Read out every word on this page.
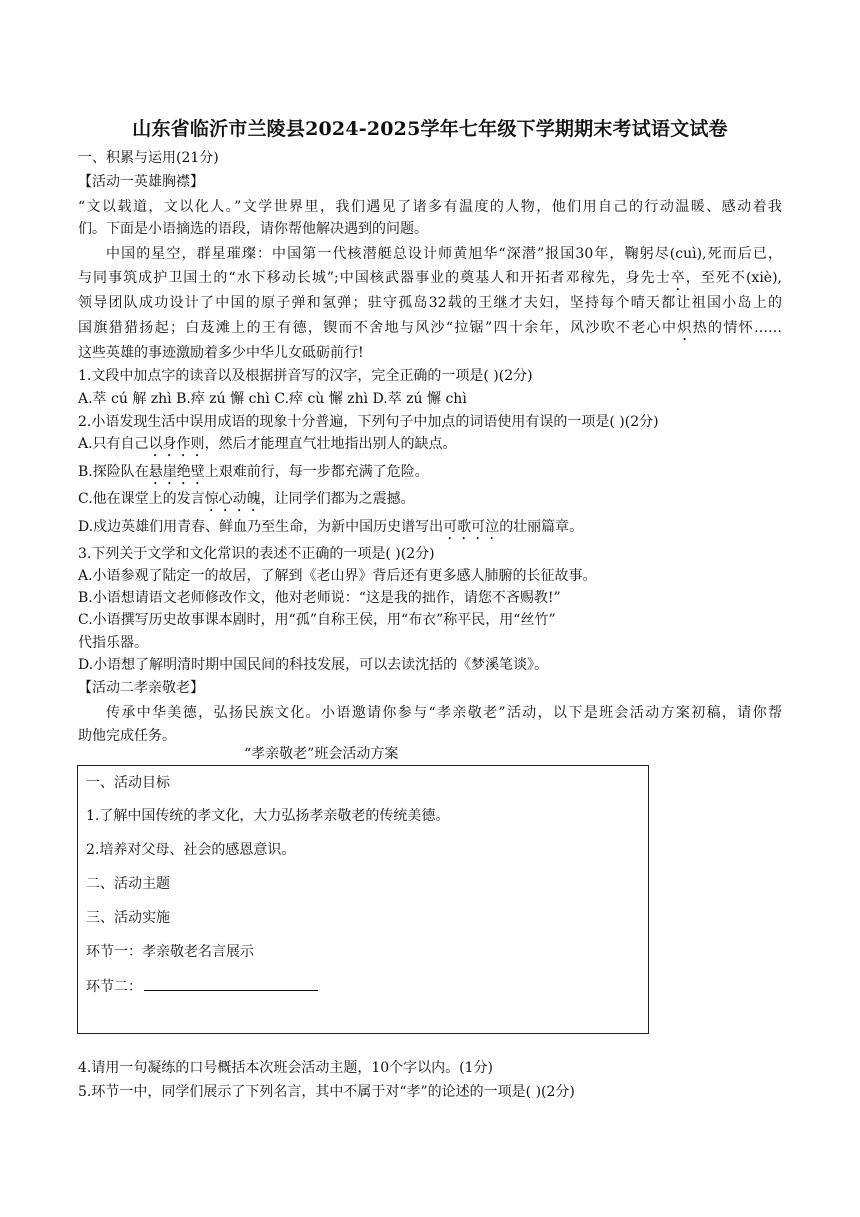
山东省临沂市兰陵县2024-2025学年七年级下学期期末考试语文试卷
一、积累与运用(21分)
【活动一英雄胸襟】
“文以载道，文以化人。”文学世界里，我们遇见了诸多有温度的人物，他们用自己的行动温暖、感动着我
们。下面是小语摘选的语段，请你帮他解决遇到的问题。
中国的星空，群星璀璨：中国第一代核潜艇总设计师黄旭华“深潜”报国30年，鞠躬尽(cuì),死而后已，
与同事筑成护卫国土的“水下移动长城”;中国核武器事业的奠基人和开拓者邓稼先，身先士卒，至死不(xiè),
领导团队成功设计了中国的原子弹和氢弹；驻守孤岛32载的王继才夫妇，坚持每个晴天都让祖国小岛上的
国旗猎猎扬起；白芨滩上的王有德，锲而不舍地与风沙“拉锯”四十余年，风沙吹不老心中炽热的情怀……
这些英雄的事迹激励着多少中华儿女砥砺前行!
1.文段中加点字的读音以及根据拼音写的汉字，完全正确的一项是( )(2分)
A.萃 cú 解 zhì B.瘁 zú 懈 chì C.瘁 cù 懈 zhì D.萃 zú 懈 chì
2.小语发现生活中误用成语的现象十分普遍，下列句子中加点的词语使用有误的一项是( )(2分)
A.只有自己以身作则，然后才能理直气壮地指出别人的缺点。
B.探险队在悬崖绝壁上艰难前行，每一步都充满了危险。
C.他在课堂上的发言惊心动魄，让同学们都为之震撼。
D.戍边英雄们用青春、鲜血乃至生命，为新中国历史谱写出可歌可泣的壮丽篇章。
3.下列关于文学和文化常识的表述不正确的一项是( )(2分)
A.小语参观了陆定一的故居，了解到《老山界》背后还有更多感人肺腑的长征故事。
B.小语想请语文老师修改作文，他对老师说：“这是我的拙作，请您不吝赐教!”
C.小语撰写历史故事课本剧时，用“孤”自称王侯，用“布衣”称平民，用“丝竹”
代指乐器。
D.小语想了解明清时期中国民间的科技发展，可以去读沈括的《梦溪笔谈》。
【活动二孝亲敬老】
传承中华美德，弘扬民族文化。小语邀请你参与“孝亲敬老”活动，以下是班会活动方案初稿，请你帮
助他完成任务。
“孝亲敬老”班会活动方案
一、活动目标
1.了解中国传统的孝文化，大力弘扬孝亲敬老的传统美德。
2.培养对父母、社会的感恩意识。
二、活动主题
三、活动实施
环节一：孝亲敬老名言展示
环节二：
4.请用一句凝练的口号概括本次班会活动主题，10个字以内。(1分)
5.环节一中，同学们展示了下列名言，其中不属于对“孝”的论述的一项是( )(2分)
